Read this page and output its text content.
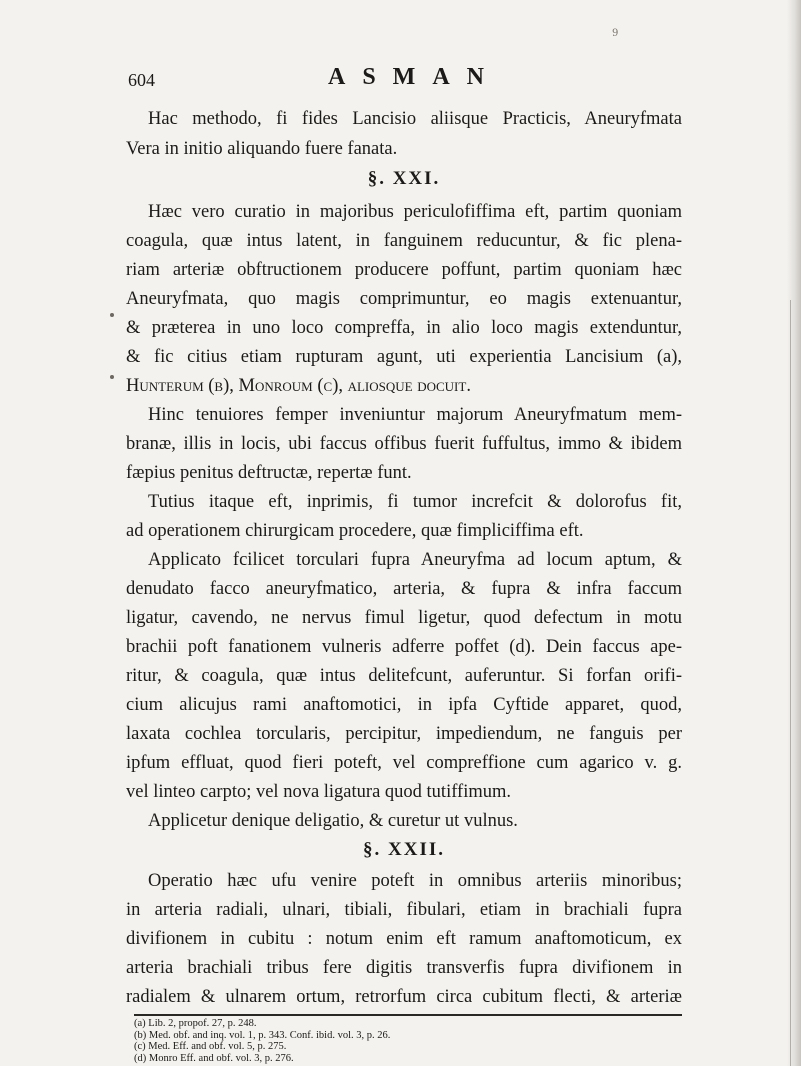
9
604	ASMAN
Hac methodo, fi fides Lancisio aliisque Practicis, Aneuryfmata
Vera in initio aliquando fuere fanata.
§. XXI.
Hæc vero curatio in majoribus periculofiffima eft, partim quoniam
coagula, quæ intus latent, in fanguinem reducuntur, & fic plena-
riam arteriæ obftructionem producere poffunt, partim quoniam hæc
Aneuryfmata, quo magis comprimuntur, eo magis extenuantur,
& præterea in uno loco compreffa, in alio loco magis extenduntur,
& fic citius etiam rupturam agunt, uti experientia Lancisium (a),
Hunterum (b), Monroum (c), aliosque docuit.
Hinc tenuiores femper inveniuntur majorum Aneuryfmatum mem-
branæ, illis in locis, ubi faccus offibus fuerit fuffultus, immo & ibidem
fæpius penitus deftructæ, repertæ funt.
Tutius itaque eft, inprimis, fi tumor increfcit & dolorofus fit,
ad operationem chirurgicam procedere, quæ fimpliciffima eft.
Applicato fcilicet torculari fupra Aneuryfma ad locum aptum, &
denudato facco aneuryfmatico, arteria, & fupra & infra faccum
ligatur, cavendo, ne nervus fimul ligetur, quod defectum in motu
brachii poft fanationem vulneris adferre poffet (d). Dein faccus ape-
ritur, & coagula, quæ intus delitefcunt, auferuntur. Si forfan orifi-
cium alicujus rami anaftomotici, in ipfa Cyftide apparet, quod,
laxata cochlea torcularis, percipitur, impediendum, ne fanguis per
ipfum effluat, quod fieri poteft, vel compreffione cum agarico v. g.
vel linteo carpto; vel nova ligatura quod tutiffimum.
Applicetur denique deligatio, & curetur ut vulnus.
§. XXII.
Operatio hæc ufu venire poteft in omnibus arteriis minoribus;
in arteria radiali, ulnari, tibiali, fibulari, etiam in brachiali fupra
divifionem in cubitu : notum enim eft ramum anaftomoticum, ex
arteria brachiali tribus fere digitis transverfis fupra divifionem in
radialem & ulnarem ortum, retrorfum circa cubitum flecti, & arteriæ
(a) Lib. 2, propof. 27, p. 248.
(b) Med. obf. and inq. vol. 1, p. 343. Conf. ibid. vol. 3, p. 26.
(c) Med. Eff. and obf. vol. 5, p. 275.
(d) Monro Eff. and obf. vol. 3, p. 276.
